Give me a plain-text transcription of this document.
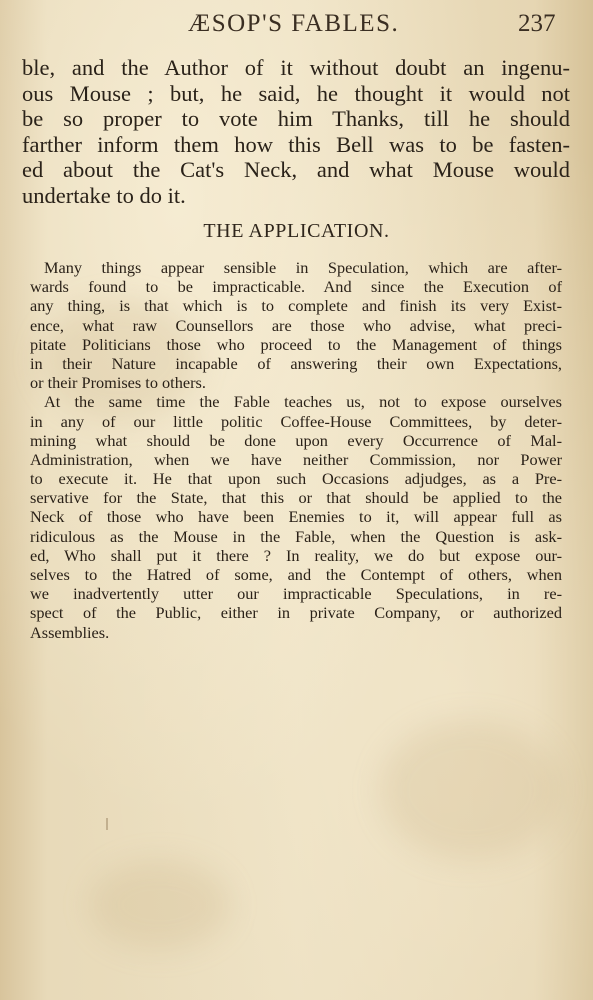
ÆSOP'S FABLES.	237
ble, and the Author of it without doubt an ingenu-
ous Mouse ; but, he said, he thought it would not
be so proper to vote him Thanks, till he should
farther inform them how this Bell was to be fasten-
ed about the Cat's Neck, and what Mouse would
undertake to do it.
THE APPLICATION.
Many things appear sensible in Speculation, which are after-
wards found to be impracticable. And since the Execution of
any thing, is that which is to complete and finish its very Exist-
ence, what raw Counsellors are those who advise, what preci-
pitate Politicians those who proceed to the Management of things
in their Nature incapable of answering their own Expectations,
or their Promises to others.
At the same time the Fable teaches us, not to expose ourselves
in any of our little politic Coffee-House Committees, by deter-
mining what should be done upon every Occurrence of Mal-
Administration, when we have neither Commission, nor Power
to execute it. He that upon such Occasions adjudges, as a Pre-
servative for the State, that this or that should be applied to the
Neck of those who have been Enemies to it, will appear full as
ridiculous as the Mouse in the Fable, when the Question is ask-
ed, Who shall put it there ? In reality, we do but expose our-
selves to the Hatred of some, and the Contempt of others, when
we inadvertently utter our impracticable Speculations, in re-
spect of the Public, either in private Company, or authorized
Assemblies.
